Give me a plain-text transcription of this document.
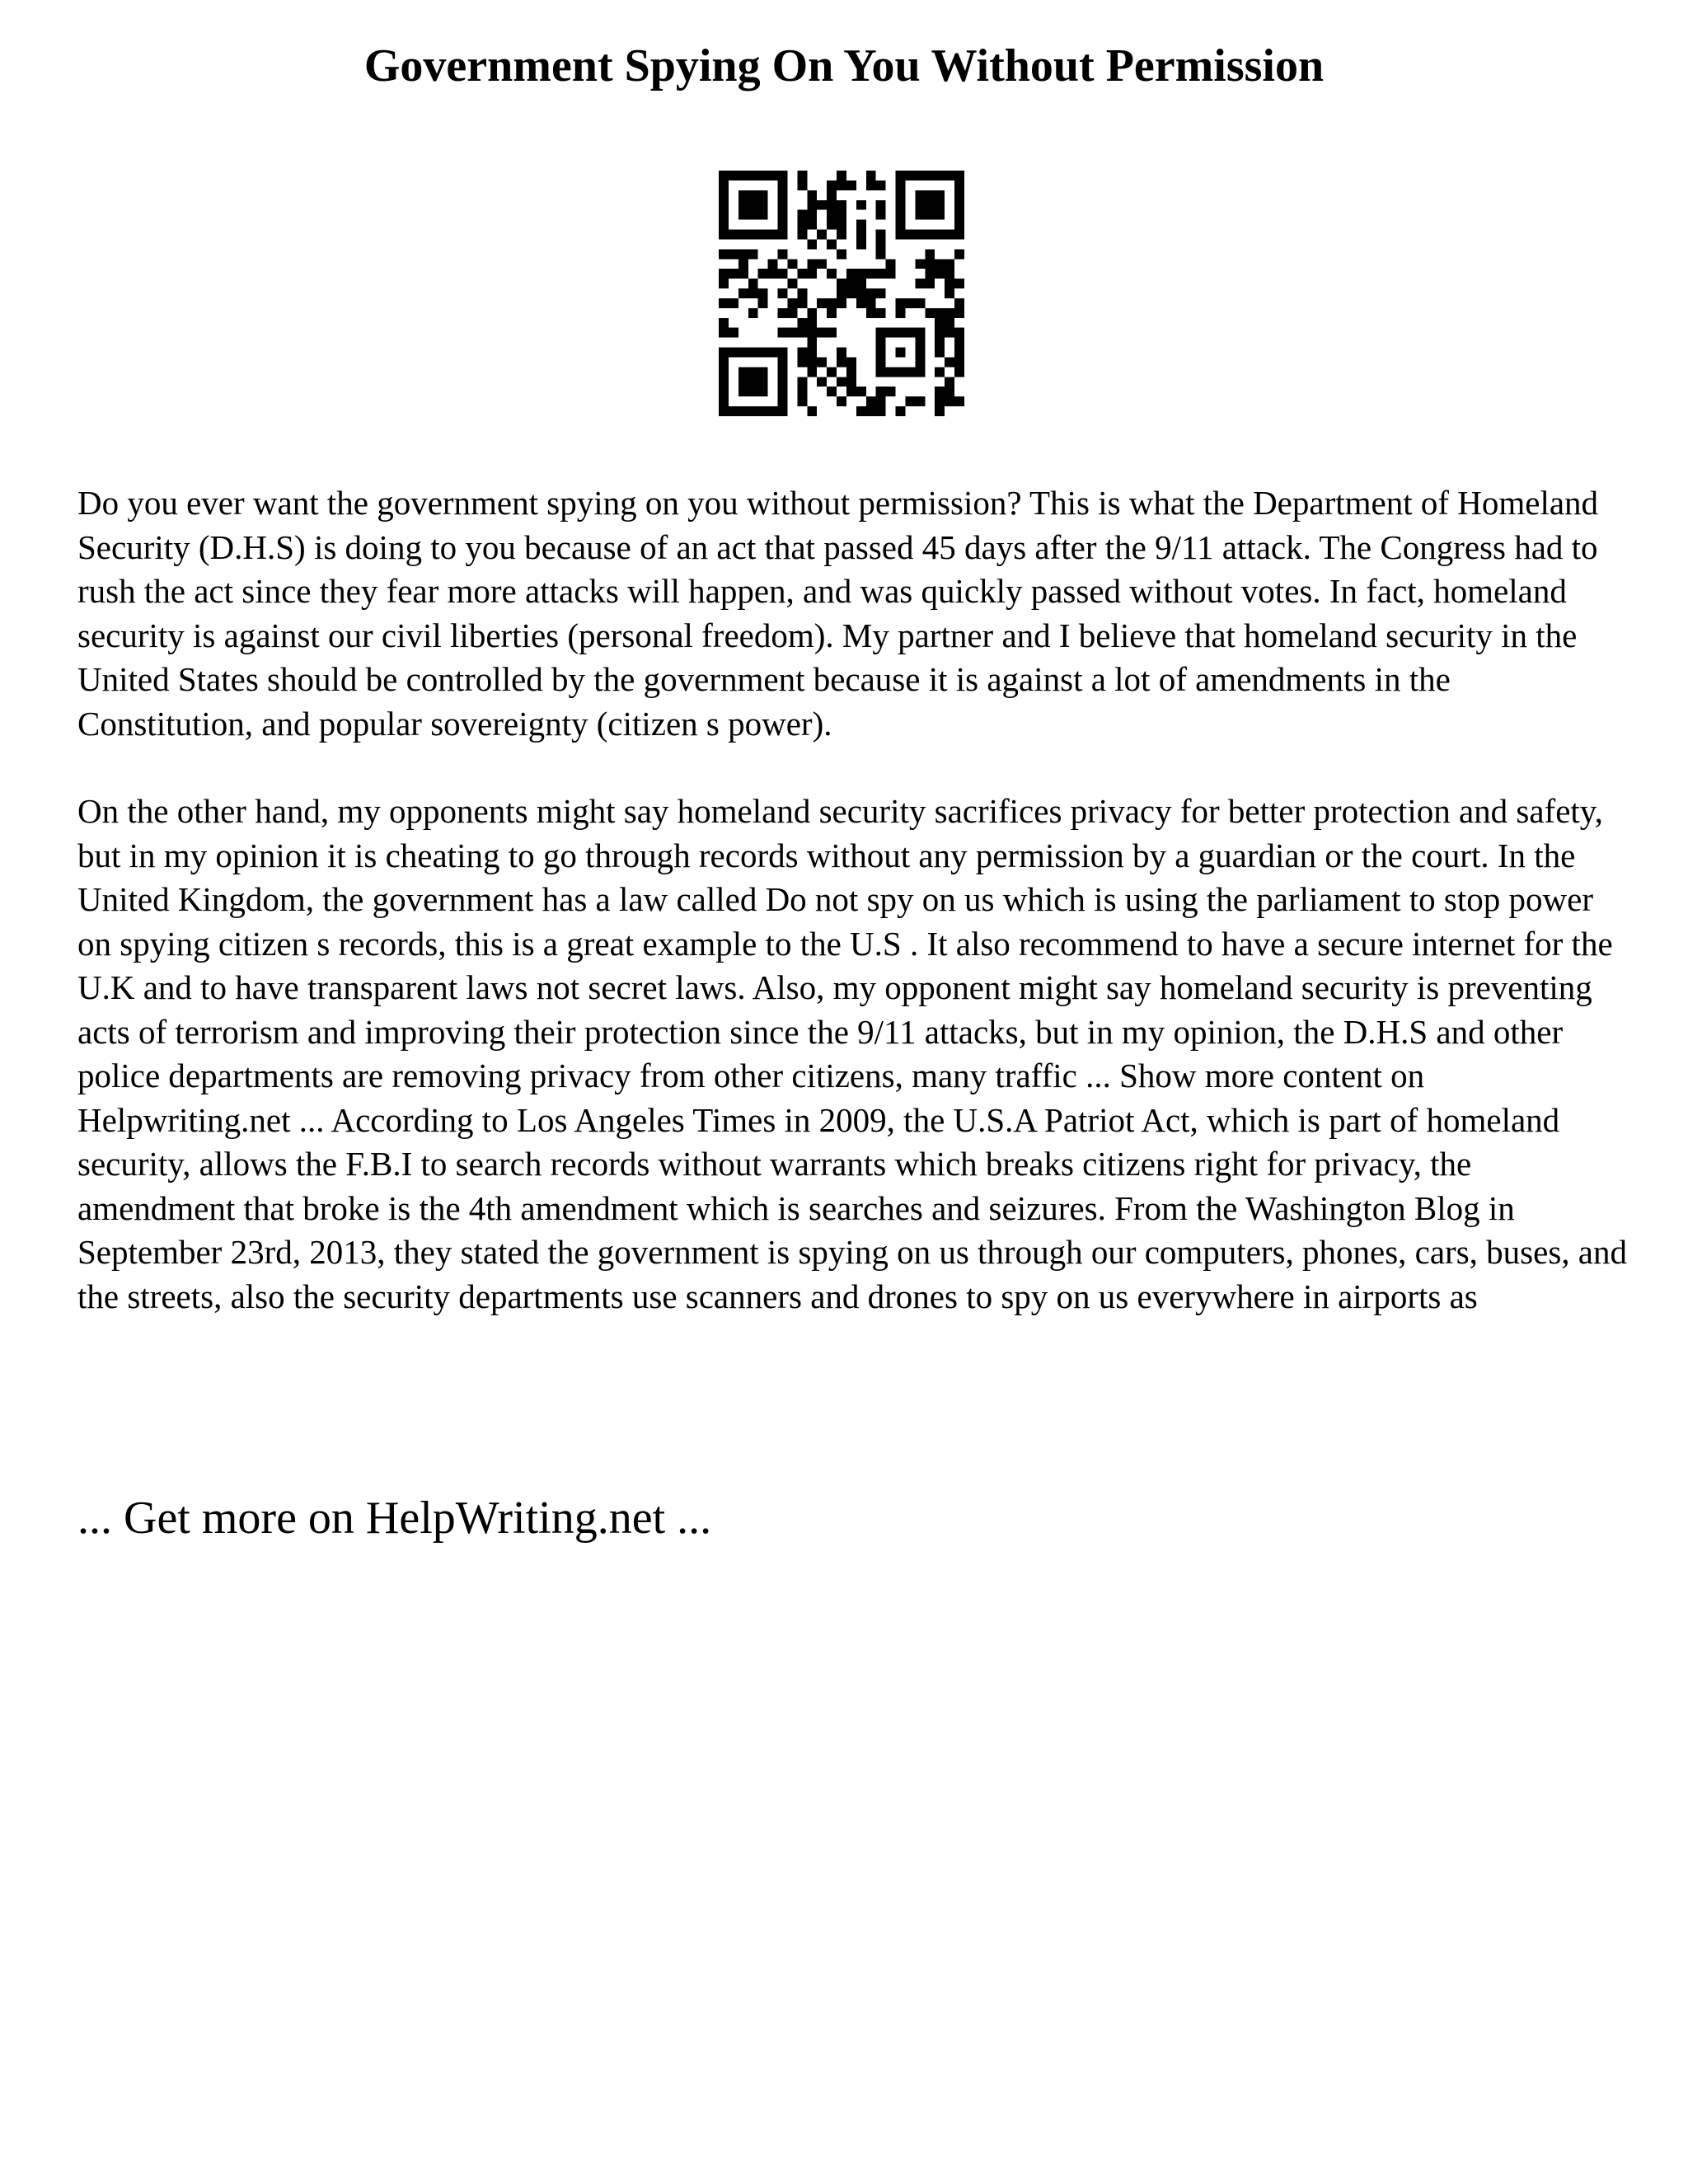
Government Spying On You Without Permission

Do you ever want the government spying on you without permission? This is what the Department of Homeland Security (D.H.S) is doing to you because of an act that passed 45 days after the 9/11 attack. The Congress had to rush the act since they fear more attacks will happen, and was quickly passed without votes. In fact, homeland security is against our civil liberties (personal freedom). My partner and I believe that homeland security in the United States should be controlled by the government because it is against a lot of amendments in the Constitution, and popular sovereignty (citizen s power).

On the other hand, my opponents might say homeland security sacrifices privacy for better protection and safety, but in my opinion it is cheating to go through records without any permission by a guardian or the court. In the United Kingdom, the government has a law called Do not spy on us which is using the parliament to stop power on spying citizen s records, this is a great example to the U.S . It also recommend to have a secure internet for the U.K and to have transparent laws not secret laws. Also, my opponent might say homeland security is preventing acts of terrorism and improving their protection since the 9/11 attacks, but in my opinion, the D.H.S and other police departments are removing privacy from other citizens, many traffic ... Show more content on Helpwriting.net ... According to Los Angeles Times in 2009, the U.S.A Patriot Act, which is part of homeland security, allows the F.B.I to search records without warrants which breaks citizens right for privacy, the amendment that broke is the 4th amendment which is searches and seizures. From the Washington Blog in September 23rd, 2013, they stated the government is spying on us through our computers, phones, cars, buses, and the streets, also the security departments use scanners and drones to spy on us everywhere in airports as

... Get more on HelpWriting.net ...
